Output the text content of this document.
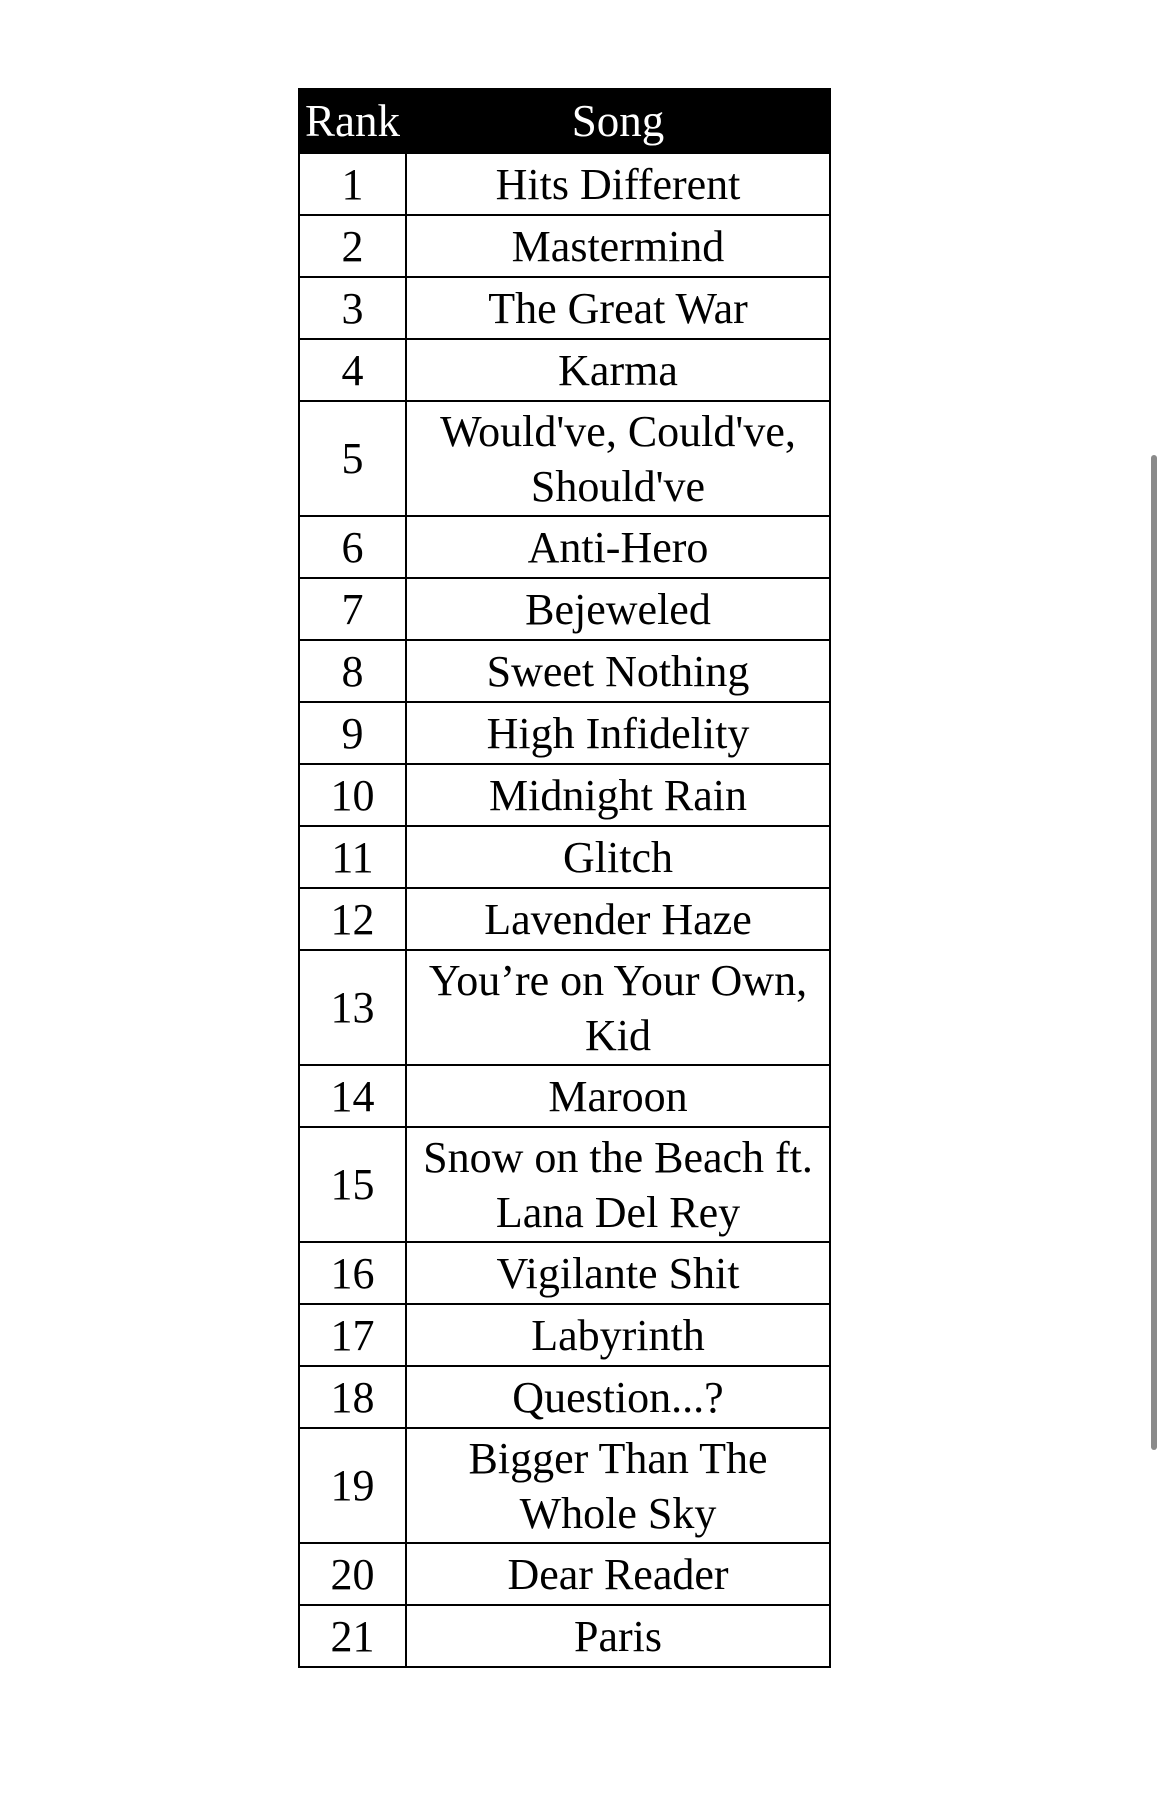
Rank	Song
1	Hits Different
2	Mastermind
3	The Great War
4	Karma
5	Would've, Could've, Should've
6	Anti-Hero
7	Bejeweled
8	Sweet Nothing
9	High Infidelity
10	Midnight Rain
11	Glitch
12	Lavender Haze
13	You’re on Your Own, Kid
14	Maroon
15	Snow on the Beach ft. Lana Del Rey
16	Vigilante Shit
17	Labyrinth
18	Question...?
19	Bigger Than The Whole Sky
20	Dear Reader
21	Paris
